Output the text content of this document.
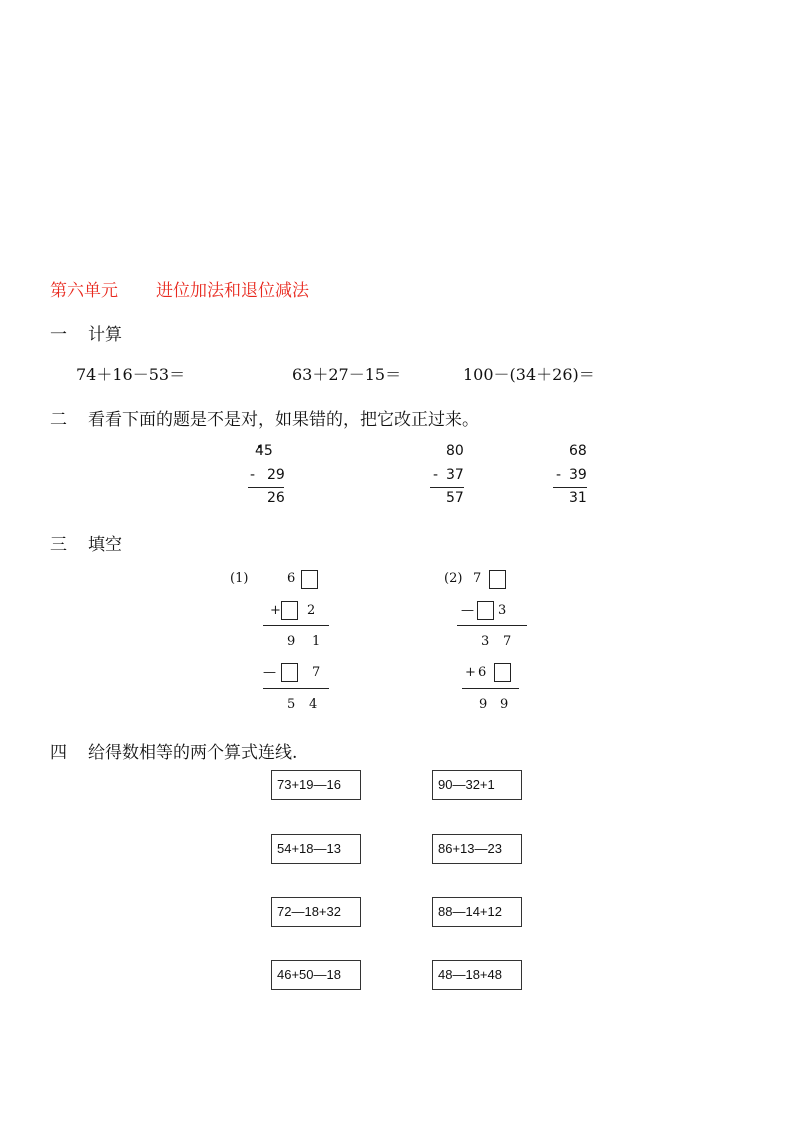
第六单元 进位加法和退位减法
一 计算
74＋16－53＝	63＋27－15＝	100－(34＋26)＝
二 看看下面的题是不是对，如果错的，把它改正过来。
45
- 29
26
80
- 37
57
68
- 39
31
三 填空
(1)	6
+ 2
9 1
—	7
5 4
(2) 7
— 3
3 7
+ 6
9 9
四 给得数相等的两个算式连线.
73+19—16	90—32+1
54+18—13	86+13—23
72—18+32	88—14+12
46+50—18	48—18+48
